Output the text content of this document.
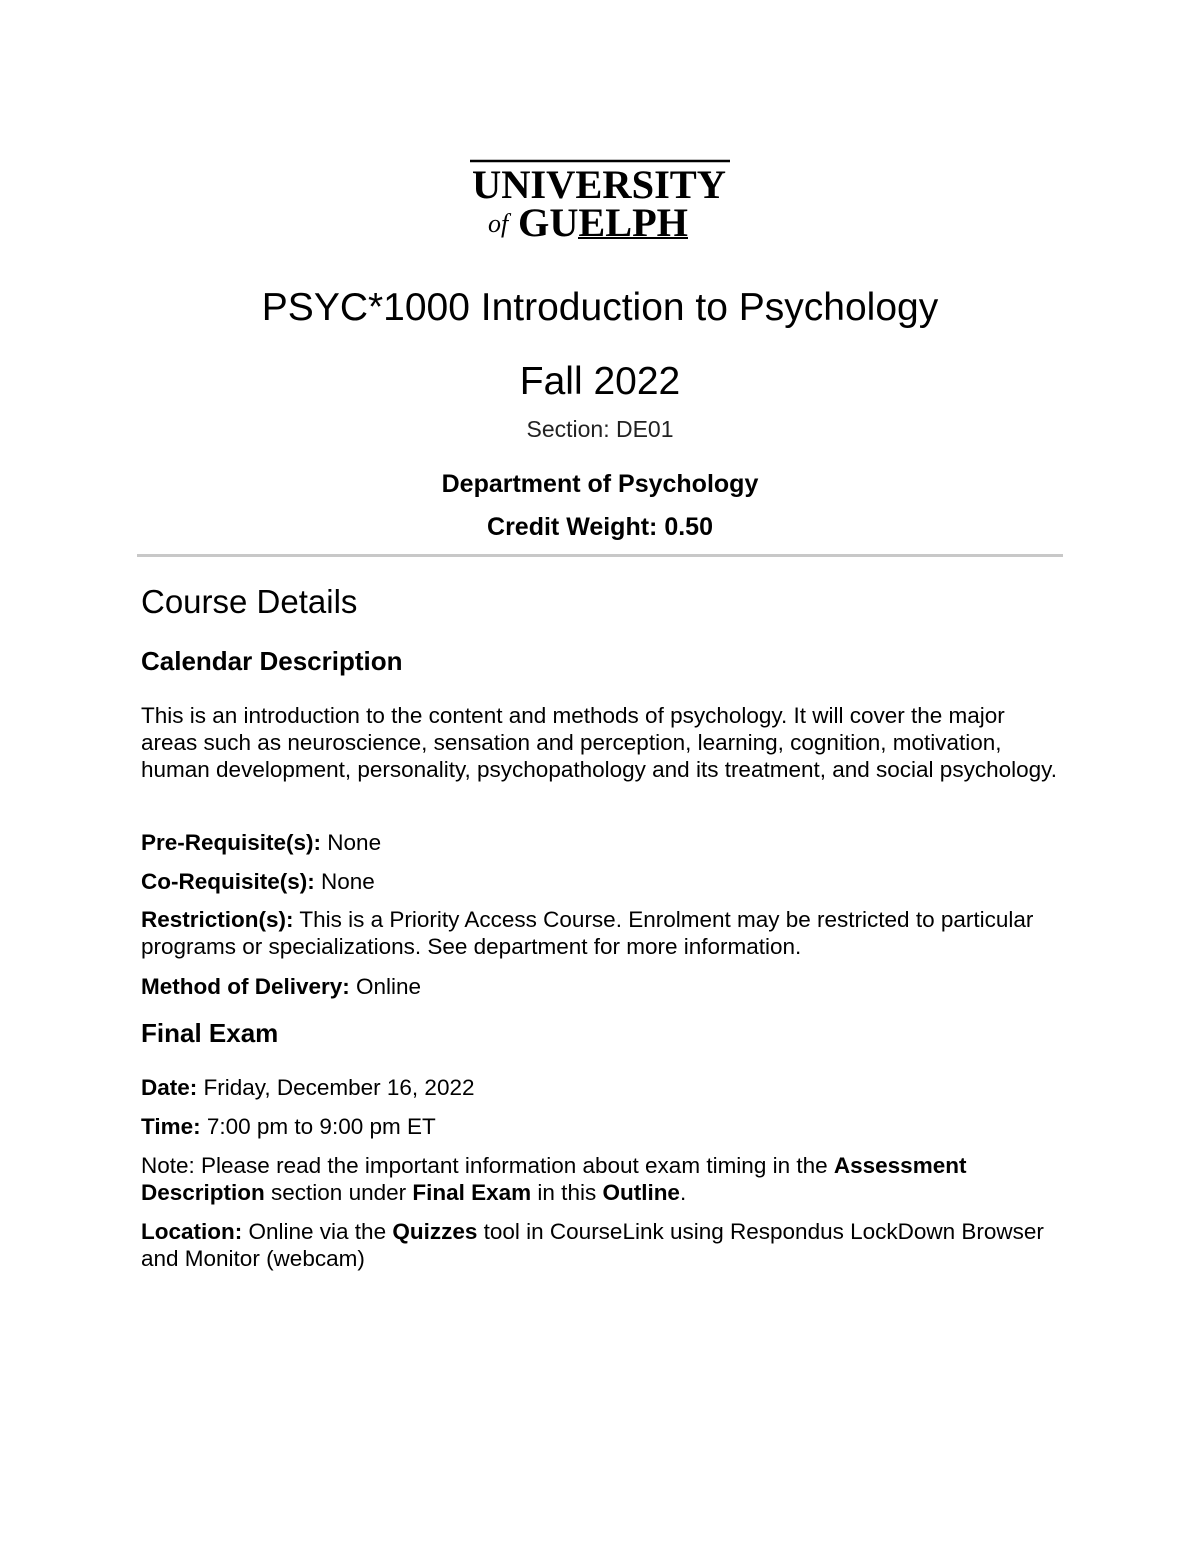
UNIVERSITY
of GUELPH
PSYC*1000 Introduction to Psychology
Fall 2022
Section: DE01
Department of Psychology
Credit Weight: 0.50
Course Details
Calendar Description
This is an introduction to the content and methods of psychology. It will cover the major areas such as neuroscience, sensation and perception, learning, cognition, motivation, human development, personality, psychopathology and its treatment, and social psychology.
Pre-Requisite(s): None
Co-Requisite(s): None
Restriction(s): This is a Priority Access Course. Enrolment may be restricted to particular programs or specializations. See department for more information.
Method of Delivery: Online
Final Exam
Date: Friday, December 16, 2022
Time: 7:00 pm to 9:00 pm ET
Note: Please read the important information about exam timing in the Assessment Description section under Final Exam in this Outline.
Location: Online via the Quizzes tool in CourseLink using Respondus LockDown Browser and Monitor (webcam)
